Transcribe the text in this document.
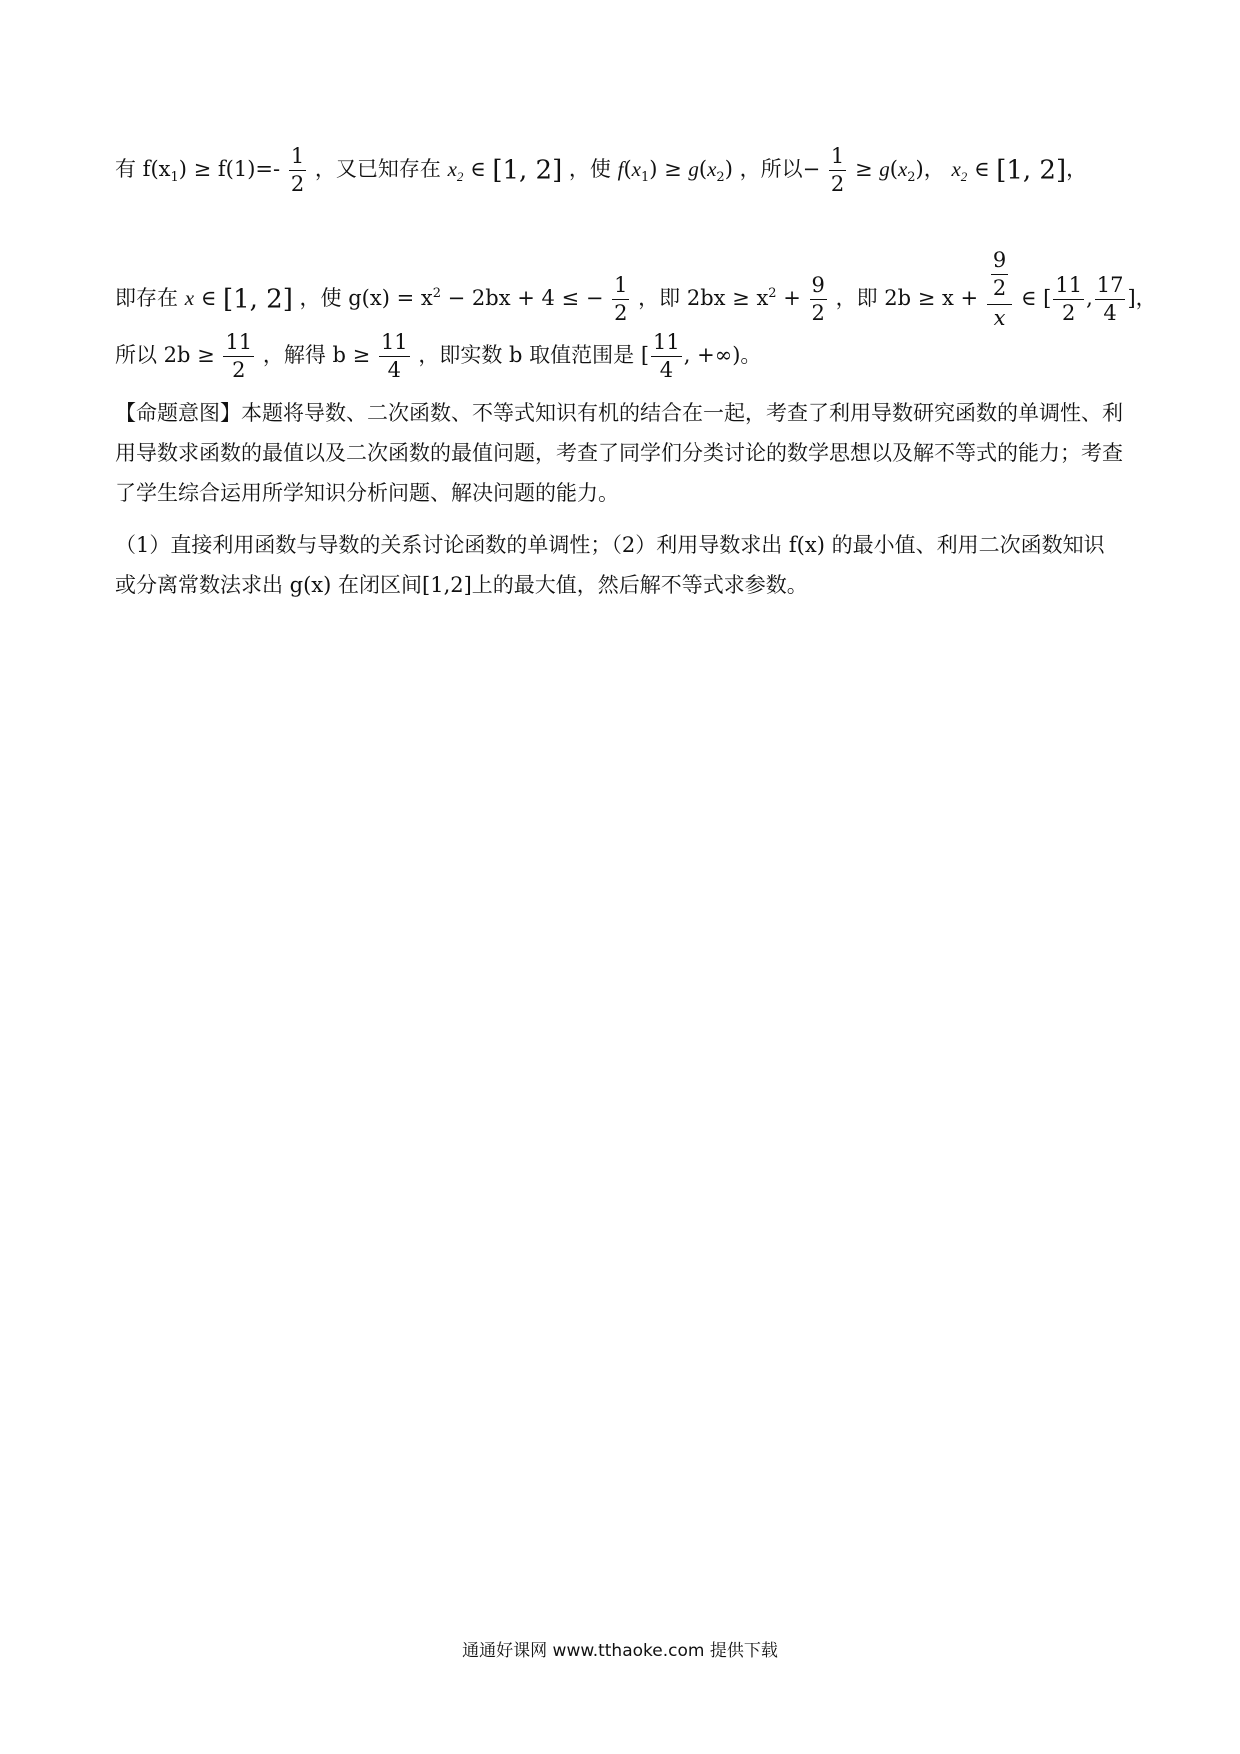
有 $f(x_1) \ge f(1)=- \frac{1}{2}$ ，又已知存在 $x_2$ ∈ [1, 2] ，使 $f(x_1) \ge g(x_2)$ ，所以− $\frac{1}{2} \ge g(x_2)$， $x_2$ ∈ [1, 2]，
即存在 x ∈ [1, 2] ，使 $g(x) = x^2 - 2bx + 4$ ≤ − $\frac{1}{2}$ ，即 $2bx \ge x^2 + \frac{9}{2}$ ，即 $2b \ge x + \frac{\frac{9}{2}}{x}$ ∈ [ $\frac{11}{2}$ , $\frac{17}{4}$ ]，
所以 $2b \ge \frac{11}{2}$ ，解得 $b \ge \frac{11}{4}$ ，即实数 b 取值范围是 [ $\frac{11}{4}$ , +∞)。
【命题意图】本题将导数、二次函数、不等式知识有机的结合在一起，考查了利用导数研究函数的单调性、利用导数求函数的最值以及二次函数的最值问题，考查了同学们分类讨论的数学思想以及解不等式的能力；考查了学生综合运用所学知识分析问题、解决问题的能力。
（1）直接利用函数与导数的关系讨论函数的单调性；（2）利用导数求出 f(x) 的最小值、利用二次函数知识或分离常数法求出 g(x) 在闭区间[1,2]上的最大值，然后解不等式求参数。
通通好课网 www.tthaoke.com 提供下载
